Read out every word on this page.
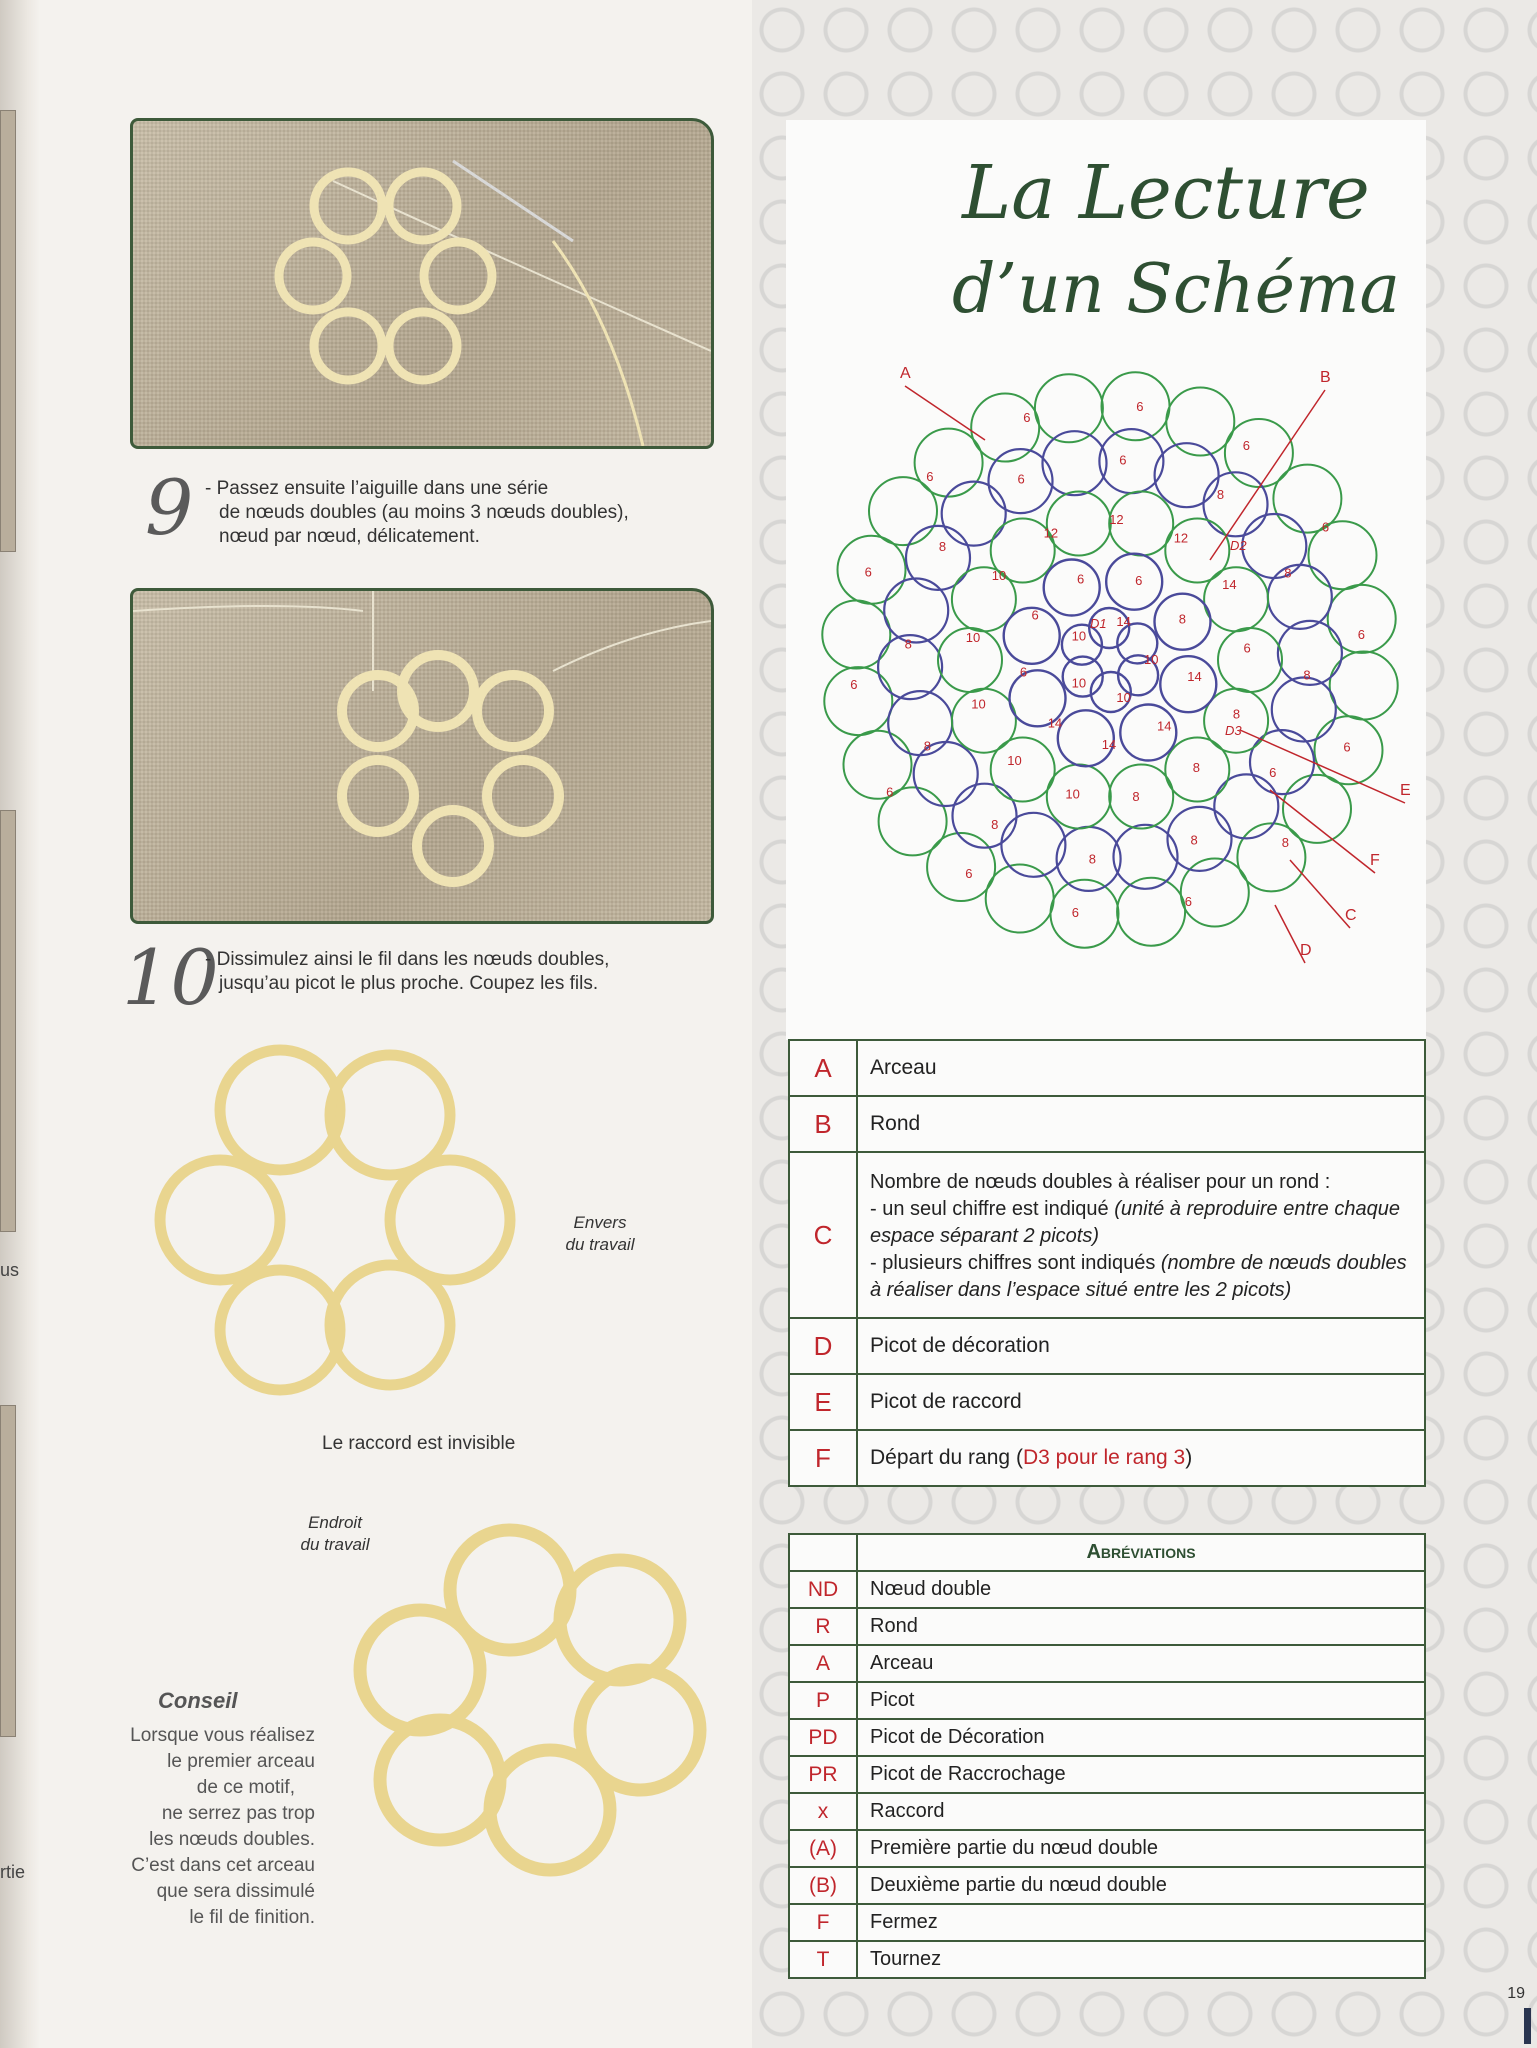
us
rtie
9 - Passez ensuite l’aiguille dans une série
de nœuds doubles (au moins 3 nœuds doubles),
nœud par nœud, délicatement.
10
- Dissimulez ainsi le fil dans les nœuds doubles,
jusqu’au picot le plus proche. Coupez les fils.
Envers
du travail
Le raccord est invisible
Endroit
du travail
Conseil
Lorsque vous réalisez
le premier arceau
de ce motif,
ne serrez pas trop
les nœuds doubles.
C’est dans cet arceau
que sera dissimulé
le fil de finition.
La Lecture
d’un Schéma
10
10
10
10
14
14
14
14
14
6
6
6	6
8
8
8
8
10
10
10
10
10
12
12
12
14
6
6
8
8
8
8
8
8
6
6
8
8
8
8
6
6
6
6
6
6
6
6
6
6
6
6
6
D1
D2
D3
A	B
C
D
E
F
A	Arceau
B	Rond
C	Nombre de nœuds doubles à réaliser pour un rond :
- un seul chiffre est indiqué (unité à reproduire entre chaque espace séparant 2 picots)
- plusieurs chiffres sont indiqués (nombre de nœuds doubles à réaliser dans l’espace situé entre les 2 picots)

D	Picot de décoration
E	Picot de raccord
F	Départ du rang (D3 pour le rang 3)
	Abréviations
ND	Nœud double
R	Rond
A	Arceau
P	Picot
PD	Picot de Décoration
PR	Picot de Raccrochage
x	Raccord
(A)	Première partie du nœud double
(B)	Deuxième partie du nœud double
F	Fermez
T	Tournez
19
